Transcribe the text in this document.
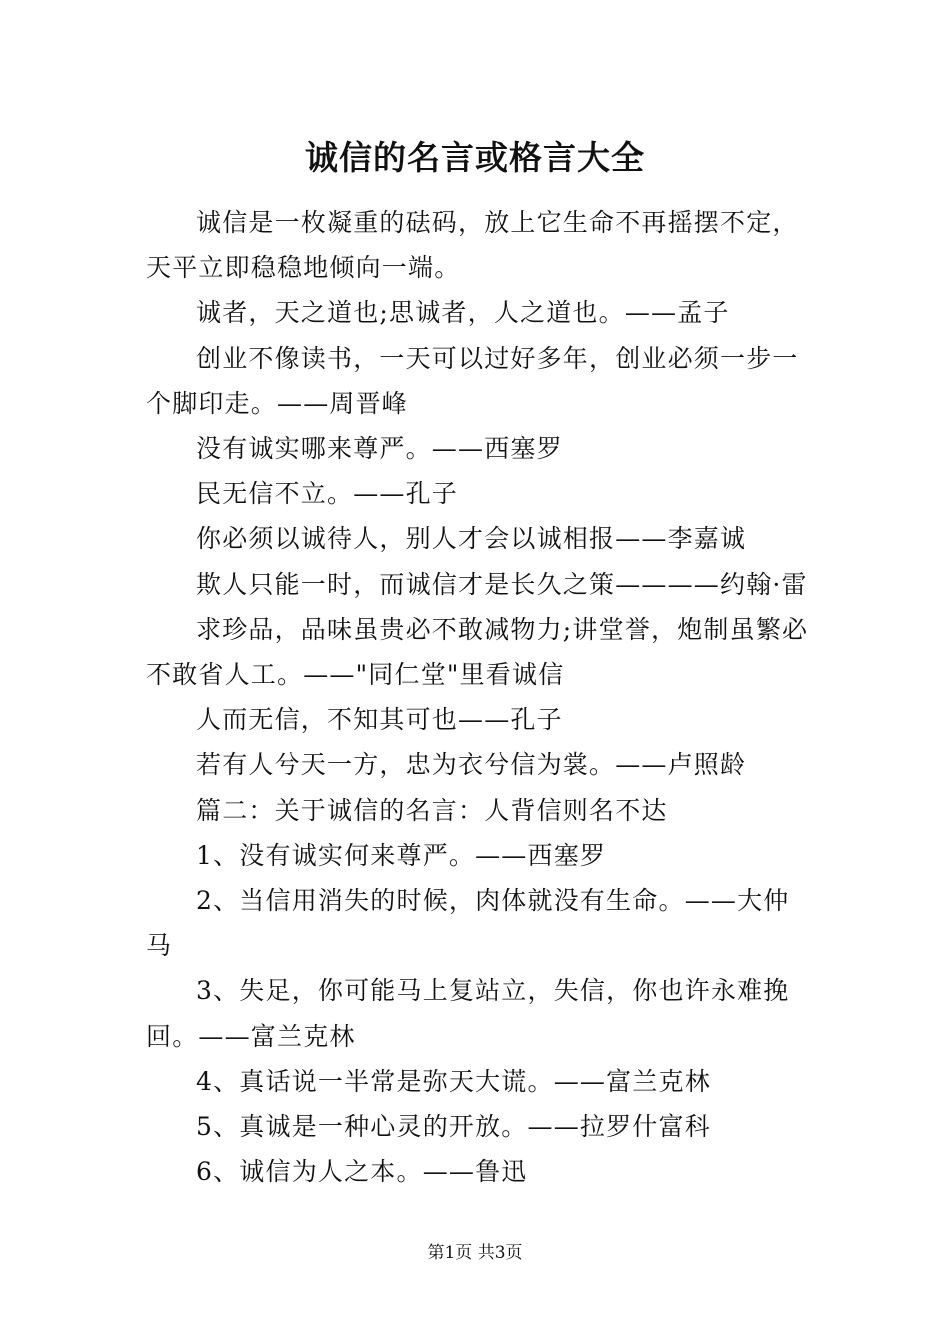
诚信的名言或格言大全

诚信是一枚凝重的砝码，放上它生命不再摇摆不定，天平立即稳稳地倾向一端。

诚者，天之道也;思诚者，人之道也。——孟子

创业不像读书，一天可以过好多年，创业必须一步一个脚印走。——周晋峰

没有诚实哪来尊严。——西塞罗

民无信不立。——孔子

你必须以诚待人，别人才会以诚相报——李嘉诚

欺人只能一时，而诚信才是长久之策————约翰·雷

求珍品，品味虽贵必不敢减物力;讲堂誉，炮制虽繁必不敢省人工。——"同仁堂"里看诚信

人而无信，不知其可也——孔子

若有人兮天一方，忠为衣兮信为裳。——卢照龄

篇二：关于诚信的名言：人背信则名不达

1、没有诚实何来尊严。——西塞罗

2、当信用消失的时候，肉体就没有生命。——大仲马

3、失足，你可能马上复站立，失信，你也许永难挽回。——富兰克林

4、真话说一半常是弥天大谎。——富兰克林

5、真诚是一种心灵的开放。——拉罗什富科

6、诚信为人之本。——鲁迅

第1页 共3页
